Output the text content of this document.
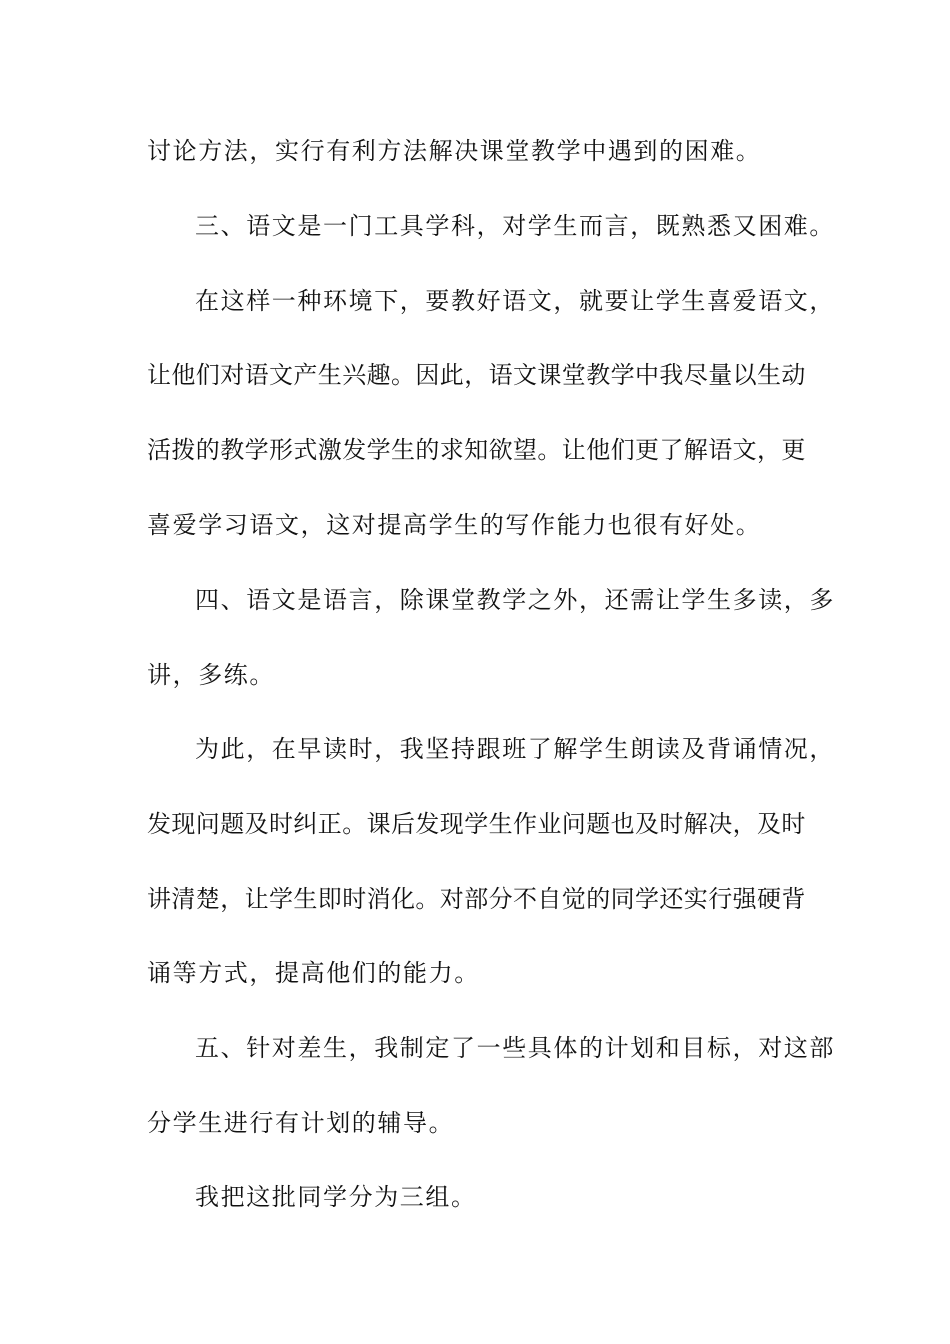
讨论方法，实行有利方法解决课堂教学中遇到的困难。
三、语文是一门工具学科，对学生而言，既熟悉又困难。
在这样一种环境下，要教好语文，就要让学生喜爱语文，
让他们对语文产生兴趣。因此，语文课堂教学中我尽量以生动
活拨的教学形式激发学生的求知欲望。让他们更了解语文，更
喜爱学习语文，这对提高学生的写作能力也很有好处。
四、语文是语言，除课堂教学之外，还需让学生多读，多
讲，多练。
为此，在早读时，我坚持跟班了解学生朗读及背诵情况，
发现问题及时纠正。课后发现学生作业问题也及时解决，及时
讲清楚，让学生即时消化。对部分不自觉的同学还实行强硬背
诵等方式，提高他们的能力。
五、针对差生，我制定了一些具体的计划和目标，对这部
分学生进行有计划的辅导。
我把这批同学分为三组。
